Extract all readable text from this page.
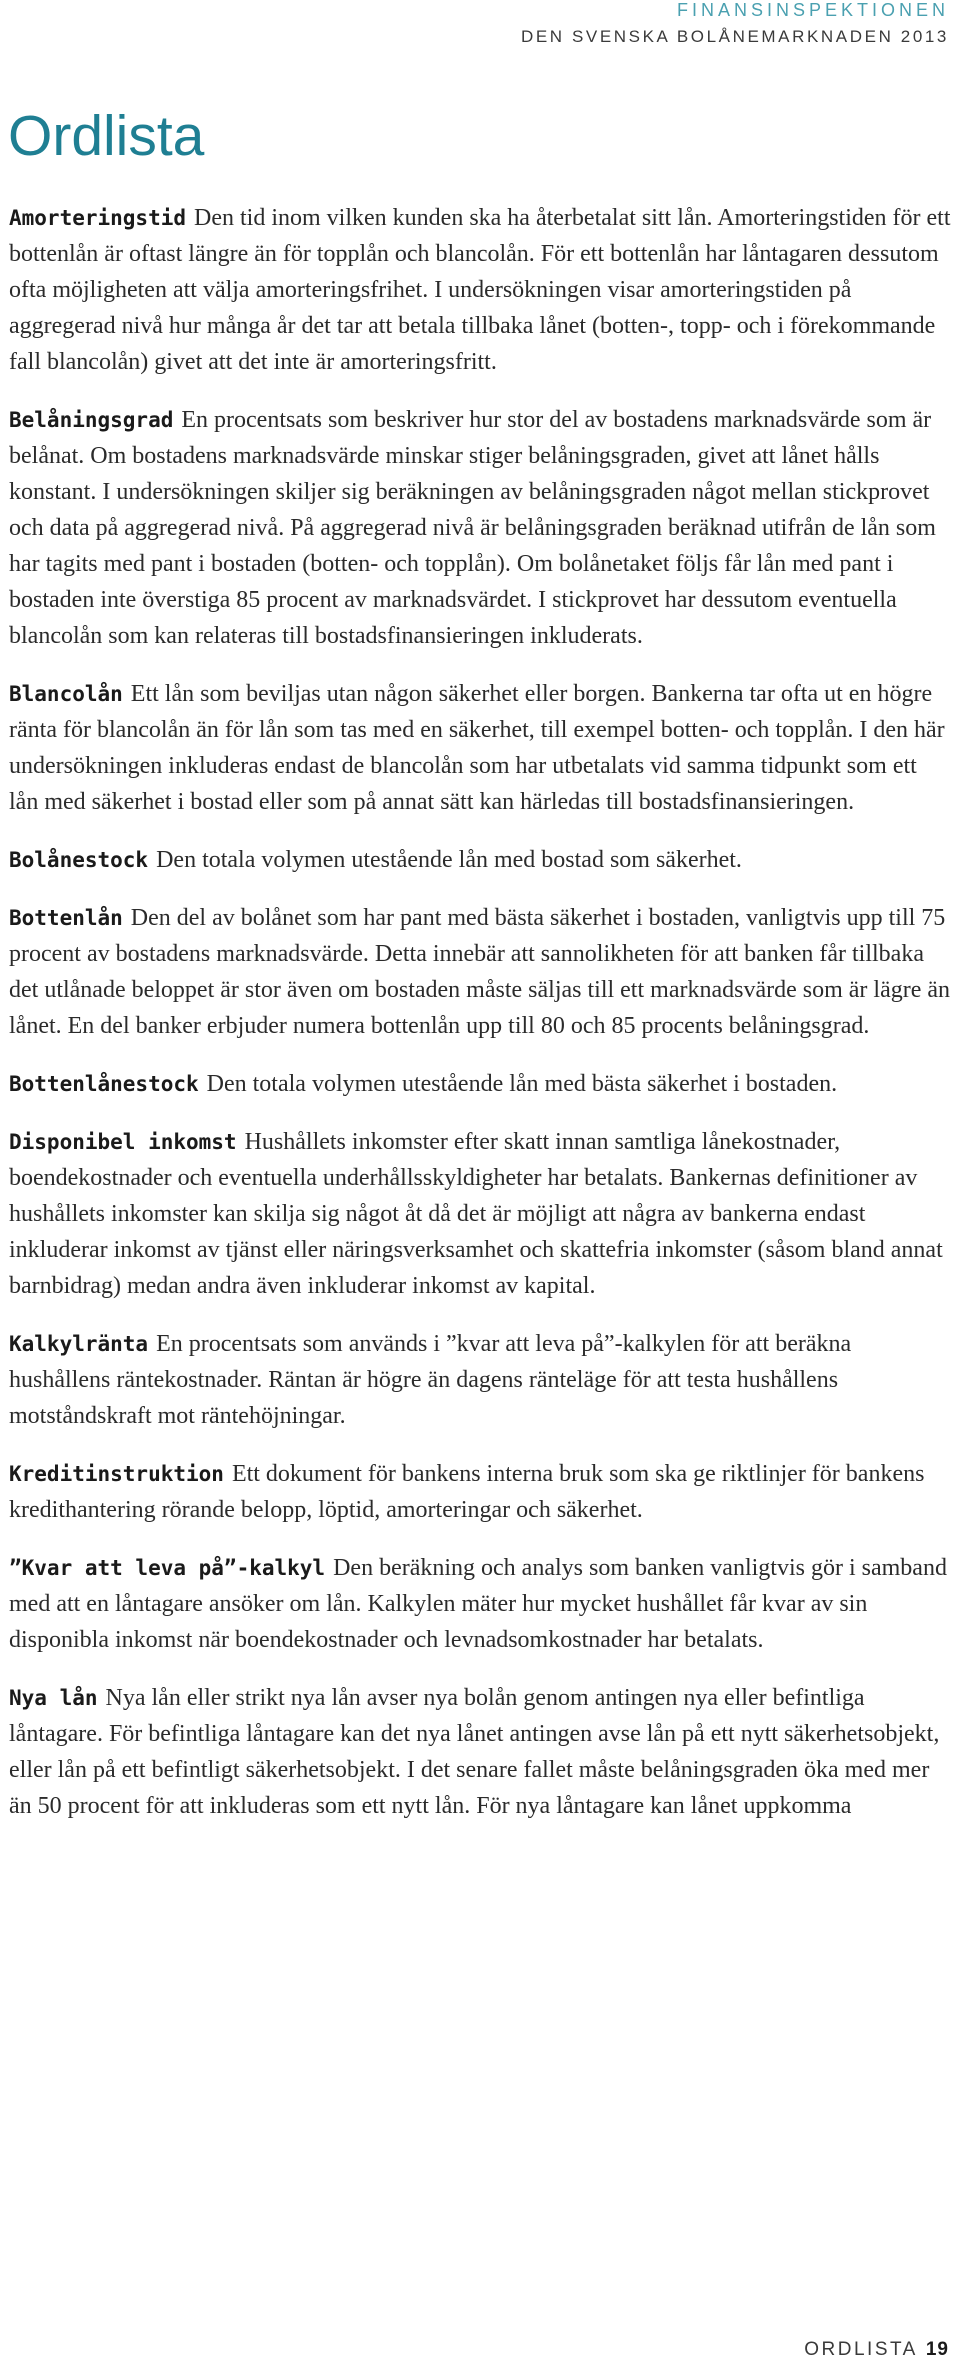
FINANSINSPEKTIONEN
DEN SVENSKA BOLÅNEMARKNADEN 2013
Ordlista

Amorteringstid Den tid inom vilken kunden ska ha återbetalat sitt lån. Amorteringstiden för ett bottenlån är oftast längre än för topplån och blancolån. För ett bottenlån har låntagaren dessutom ofta möjligheten att välja amorteringsfrihet. I undersökningen visar amorteringstiden på aggregerad nivå hur många år det tar att betala tillbaka lånet (botten-, topp- och i förekommande fall blancolån) givet att det inte är amorteringsfritt.

Belåningsgrad En procentsats som beskriver hur stor del av bostadens marknadsvärde som är belånat. Om bostadens marknadsvärde minskar stiger belåningsgraden, givet att lånet hålls konstant. I undersökningen skiljer sig beräkningen av belåningsgraden något mellan stickprovet och data på aggregerad nivå. På aggregerad nivå är belåningsgraden beräknad utifrån de lån som har tagits med pant i bostaden (botten- och topplån). Om bolånetaket följs får lån med pant i bostaden inte överstiga 85 procent av marknadsvärdet. I stickprovet har dessutom eventuella blancolån som kan relateras till bostadsfinansieringen inkluderats.

Blancolån Ett lån som beviljas utan någon säkerhet eller borgen. Bankerna tar ofta ut en högre ränta för blancolån än för lån som tas med en säkerhet, till exempel botten- och topplån. I den här undersökningen inkluderas endast de blancolån som har utbetalats vid samma tidpunkt som ett lån med säkerhet i bostad eller som på annat sätt kan härledas till bostadsfinansieringen.

Bolånestock Den totala volymen utestående lån med bostad som säkerhet.

Bottenlån Den del av bolånet som har pant med bästa säkerhet i bostaden, vanligtvis upp till 75 procent av bostadens marknadsvärde. Detta innebär att sannolikheten för att banken får tillbaka det utlånade beloppet är stor även om bostaden måste säljas till ett marknadsvärde som är lägre än lånet. En del banker erbjuder numera bottenlån upp till 80 och 85 procents belåningsgrad.

Bottenlånestock Den totala volymen utestående lån med bästa säkerhet i bostaden.

Disponibel inkomst Hushållets inkomster efter skatt innan samtliga lånekostnader, boendekostnader och eventuella underhållsskyldigheter har betalats. Bankernas definitioner av hushållets inkomster kan skilja sig något åt då det är möjligt att några av bankerna endast inkluderar inkomst av tjänst eller näringsverksamhet och skattefria inkomster (såsom bland annat barnbidrag) medan andra även inkluderar inkomst av kapital.

Kalkylränta En procentsats som används i ”kvar att leva på”-kalkylen för att beräkna hushållens räntekostnader. Räntan är högre än dagens ränteläge för att testa hushållens motståndskraft mot räntehöjningar.

Kreditinstruktion Ett dokument för bankens interna bruk som ska ge riktlinjer för bankens kredithantering rörande belopp, löptid, amorteringar och säkerhet.

”Kvar att leva på”-kalkyl Den beräkning och analys som banken vanligtvis gör i samband med att en låntagare ansöker om lån. Kalkylen mäter hur mycket hushållet får kvar av sin disponibla inkomst när boendekostnader och levnadsomkostnader har betalats.

Nya lån Nya lån eller strikt nya lån avser nya bolån genom antingen nya eller befintliga låntagare. För befintliga låntagare kan det nya lånet antingen avse lån på ett nytt säkerhetsobjekt, eller lån på ett befintligt säkerhetsobjekt. I det senare fallet måste belåningsgraden öka med mer än 50 procent för att inkluderas som ett nytt lån. För nya låntagare kan lånet uppkomma

ORDLISTA 19
